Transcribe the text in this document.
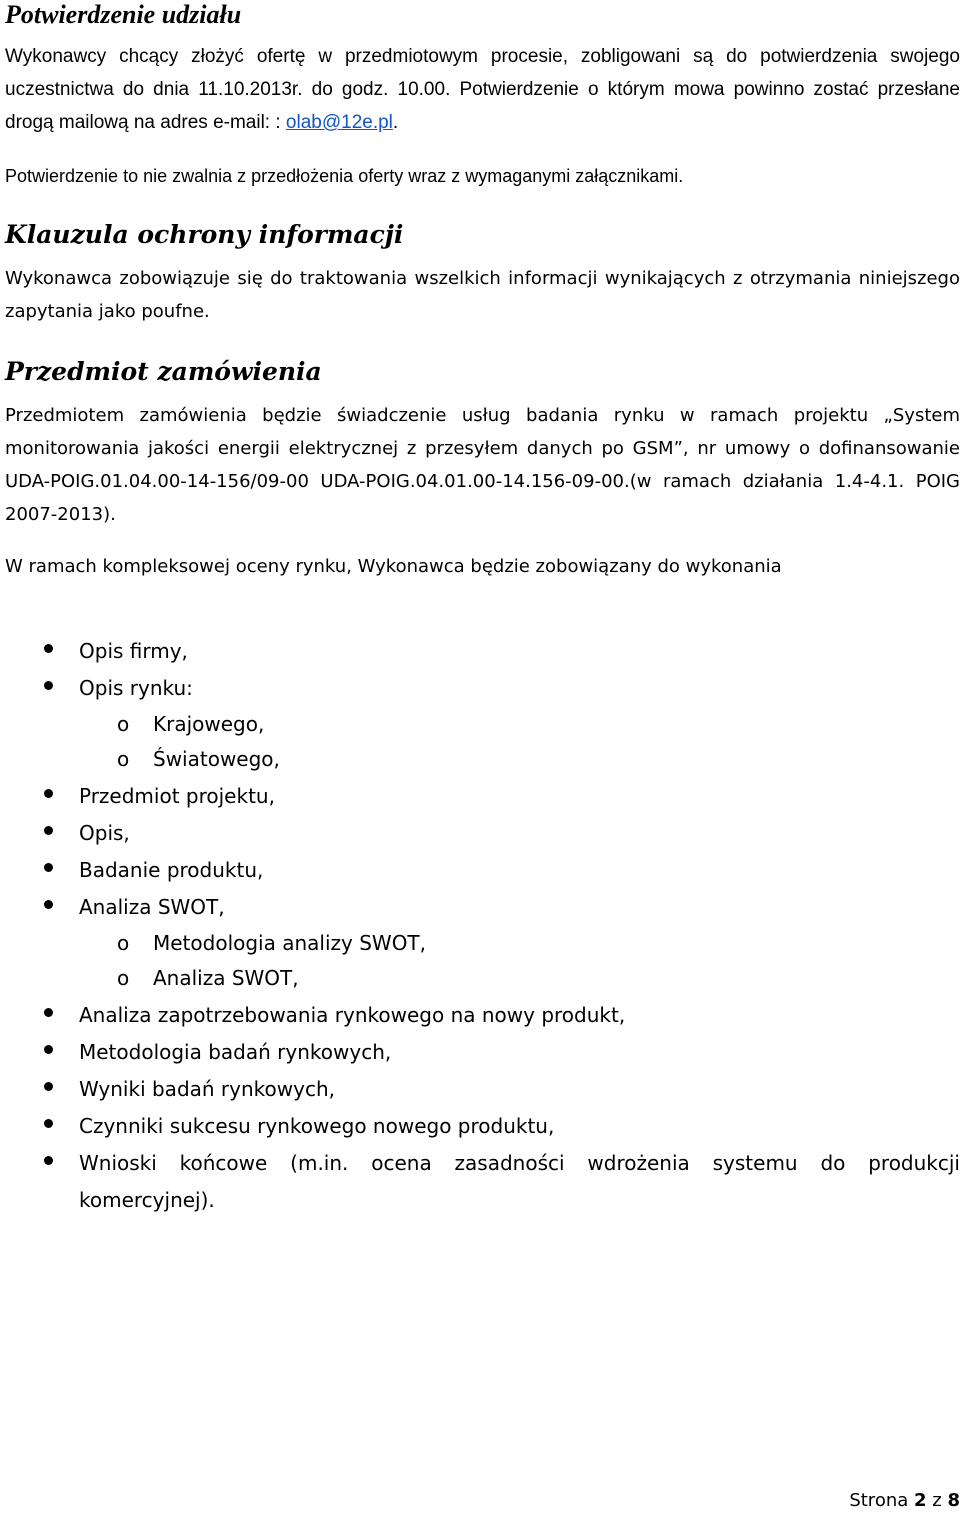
Potwierdzenie udziału

Wykonawcy chcący złożyć ofertę w przedmiotowym procesie, zobligowani są do potwierdzenia swojego uczestnictwa do dnia 11.10.2013r. do godz. 10.00. Potwierdzenie o którym mowa powinno zostać przesłane drogą mailową na adres e-mail: : olab@12e.pl.

Potwierdzenie to nie zwalnia z przedłożenia oferty wraz z wymaganymi załącznikami.

Klauzula ochrony informacji

Wykonawca zobowiązuje się do traktowania wszelkich informacji wynikających z otrzymania niniejszego zapytania jako poufne.

Przedmiot zamówienia

Przedmiotem zamówienia będzie świadczenie usług badania rynku w ramach projektu „System monitorowania jakości energii elektrycznej z przesyłem danych po GSM”, nr umowy o dofinansowanie UDA-POIG.01.04.00-14-156/09-00 UDA-POIG.04.01.00-14.156-09-00.(w ramach działania 1.4-4.1. POIG 2007-2013).

W ramach kompleksowej oceny rynku, Wykonawca będzie zobowiązany do wykonania

Opis firmy,
Opis rynku:
o Krajowego,
o Światowego,
Przedmiot projektu,
Opis,
Badanie produktu,
Analiza SWOT,
o Metodologia analizy SWOT,
o Analiza SWOT,
Analiza zapotrzebowania rynkowego na nowy produkt,
Metodologia badań rynkowych,
Wyniki badań rynkowych,
Czynniki sukcesu rynkowego nowego produktu,
Wnioski końcowe (m.in. ocena zasadności wdrożenia systemu do produkcji komercyjnej).
Strona 2 z 8
